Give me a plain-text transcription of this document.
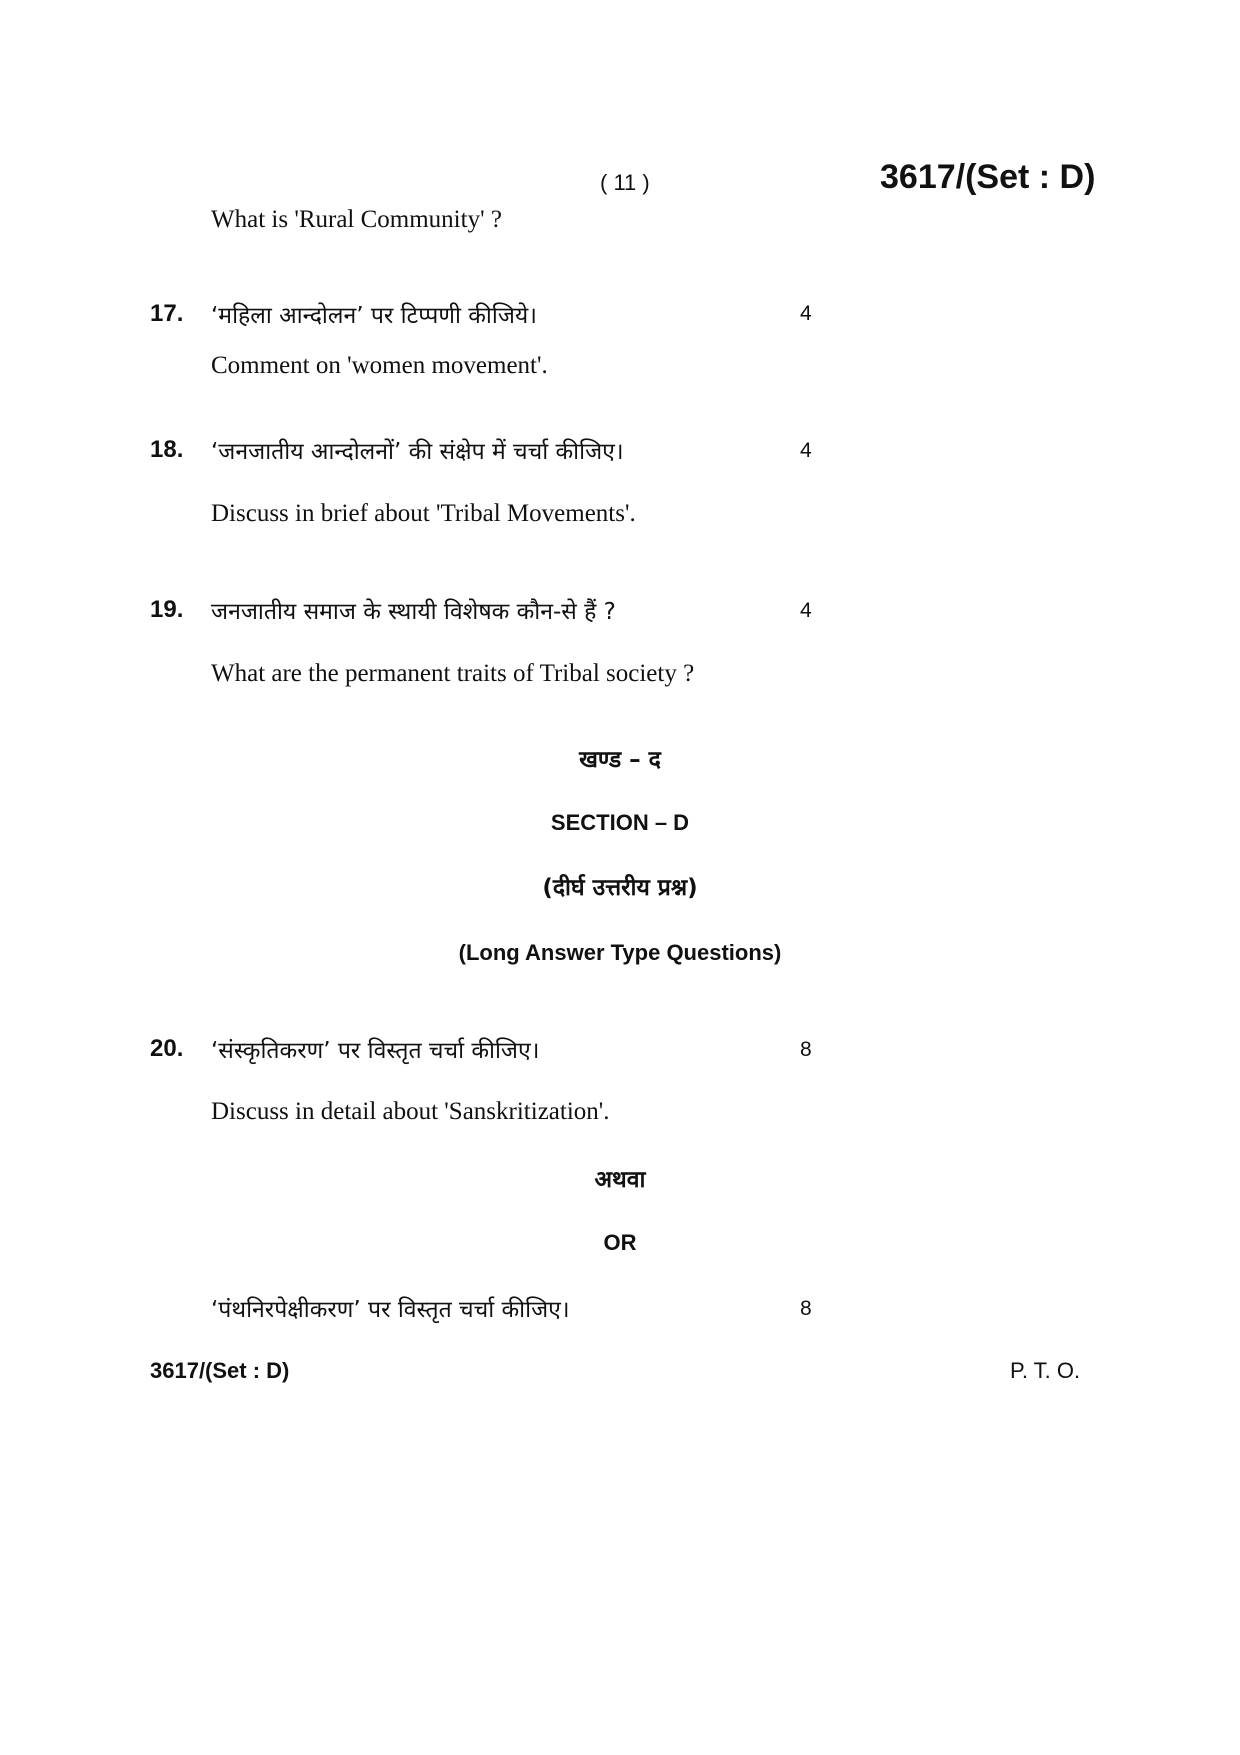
( 11 )	3617/(Set : D)
What is 'Rural Community' ?
17. ‘महिला आन्दोलन’ पर टिप्पणी कीजिये।	4
Comment on 'women movement'.
18. ‘जनजातीय आन्दोलनों’ की संक्षेप में चर्चा कीजिए।	4
Discuss in brief about 'Tribal Movements'.
19. जनजातीय समाज के स्थायी विशेषक कौन-से हैं ?	4
What are the permanent traits of Tribal society ?
खण्ड – द
SECTION – D
(दीर्घ उत्तरीय प्रश्न)
(Long Answer Type Questions)
20. ‘संस्कृतिकरण’ पर विस्तृत चर्चा कीजिए।	8
Discuss in detail about 'Sanskritization'.
अथवा
OR
‘पंथनिरपेक्षीकरण’ पर विस्तृत चर्चा कीजिए।	8
3617/(Set : D)	P. T. O.
